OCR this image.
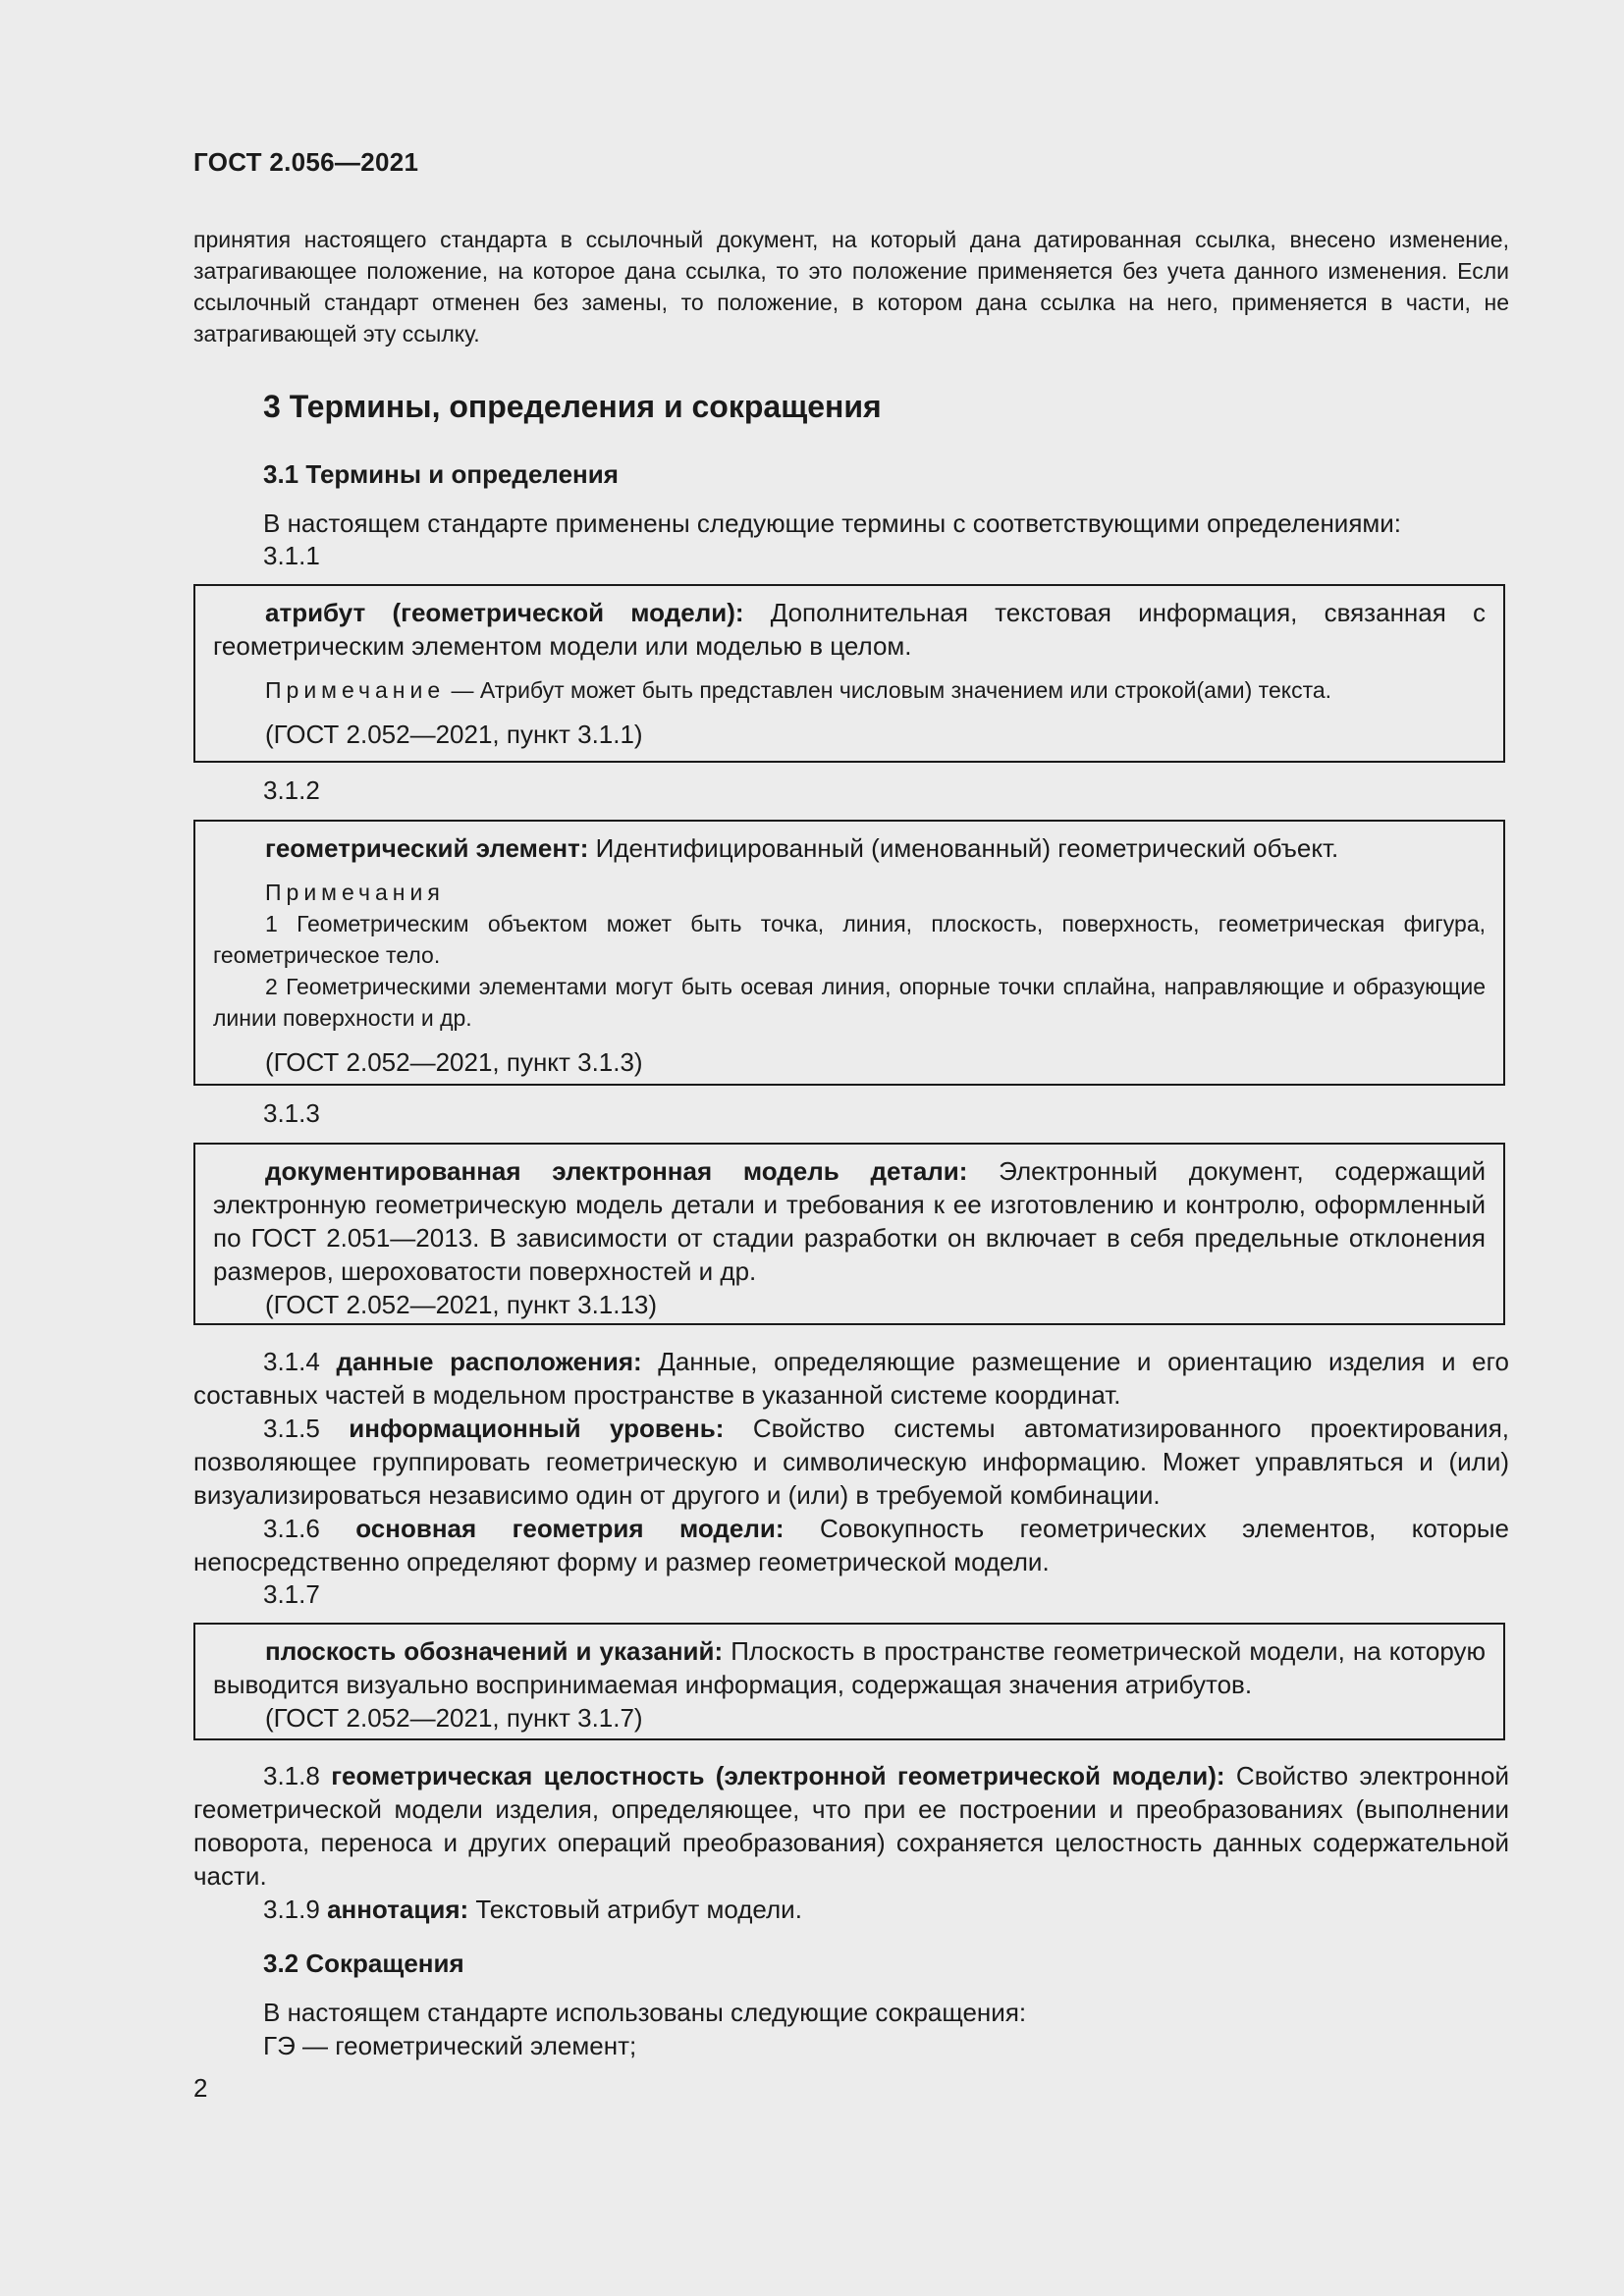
ГОСТ 2.056—2021
принятия настоящего стандарта в ссылочный документ, на который дана датированная ссылка, внесено изменение, затрагивающее положение, на которое дана ссылка, то это положение применяется без учета данного изменения. Если ссылочный стандарт отменен без замены, то положение, в котором дана ссылка на него, применяется в части, не затрагивающей эту ссылку.
3 Термины, определения и сокращения
3.1 Термины и определения
В настоящем стандарте применены следующие термины с соответствующими определениями:
3.1.1
атрибут (геометрической модели): Дополнительная текстовая информация, связанная с геометрическим элементом модели или моделью в целом.
Примечание — Атрибут может быть представлен числовым значением или строкой(ами) текста.
(ГОСТ 2.052—2021, пункт 3.1.1)
3.1.2
геометрический элемент: Идентифицированный (именованный) геометрический объект.
Примечания
1 Геометрическим объектом может быть точка, линия, плоскость, поверхность, геометрическая фигура, геометрическое тело.
2 Геометрическими элементами могут быть осевая линия, опорные точки сплайна, направляющие и образующие линии поверхности и др.
(ГОСТ 2.052—2021, пункт 3.1.3)
3.1.3
документированная электронная модель детали: Электронный документ, содержащий электронную геометрическую модель детали и требования к ее изготовлению и контролю, оформленный по ГОСТ 2.051—2013. В зависимости от стадии разработки он включает в себя предельные отклонения размеров, шероховатости поверхностей и др.
(ГОСТ 2.052—2021, пункт 3.1.13)
3.1.4 данные расположения: Данные, определяющие размещение и ориентацию изделия и его составных частей в модельном пространстве в указанной системе координат.
3.1.5 информационный уровень: Свойство системы автоматизированного проектирования, позволяющее группировать геометрическую и символическую информацию. Может управляться и (или) визуализироваться независимо один от другого и (или) в требуемой комбинации.
3.1.6 основная геометрия модели: Совокупность геометрических элементов, которые непосредственно определяют форму и размер геометрической модели.
3.1.7
плоскость обозначений и указаний: Плоскость в пространстве геометрической модели, на которую выводится визуально воспринимаемая информация, содержащая значения атрибутов.
(ГОСТ 2.052—2021, пункт 3.1.7)
3.1.8 геометрическая целостность (электронной геометрической модели): Свойство электронной геометрической модели изделия, определяющее, что при ее построении и преобразованиях (выполнении поворота, переноса и других операций преобразования) сохраняется целостность данных содержательной части.
3.1.9 аннотация: Текстовый атрибут модели.
3.2 Сокращения
В настоящем стандарте использованы следующие сокращения:
ГЭ — геометрический элемент;
2
